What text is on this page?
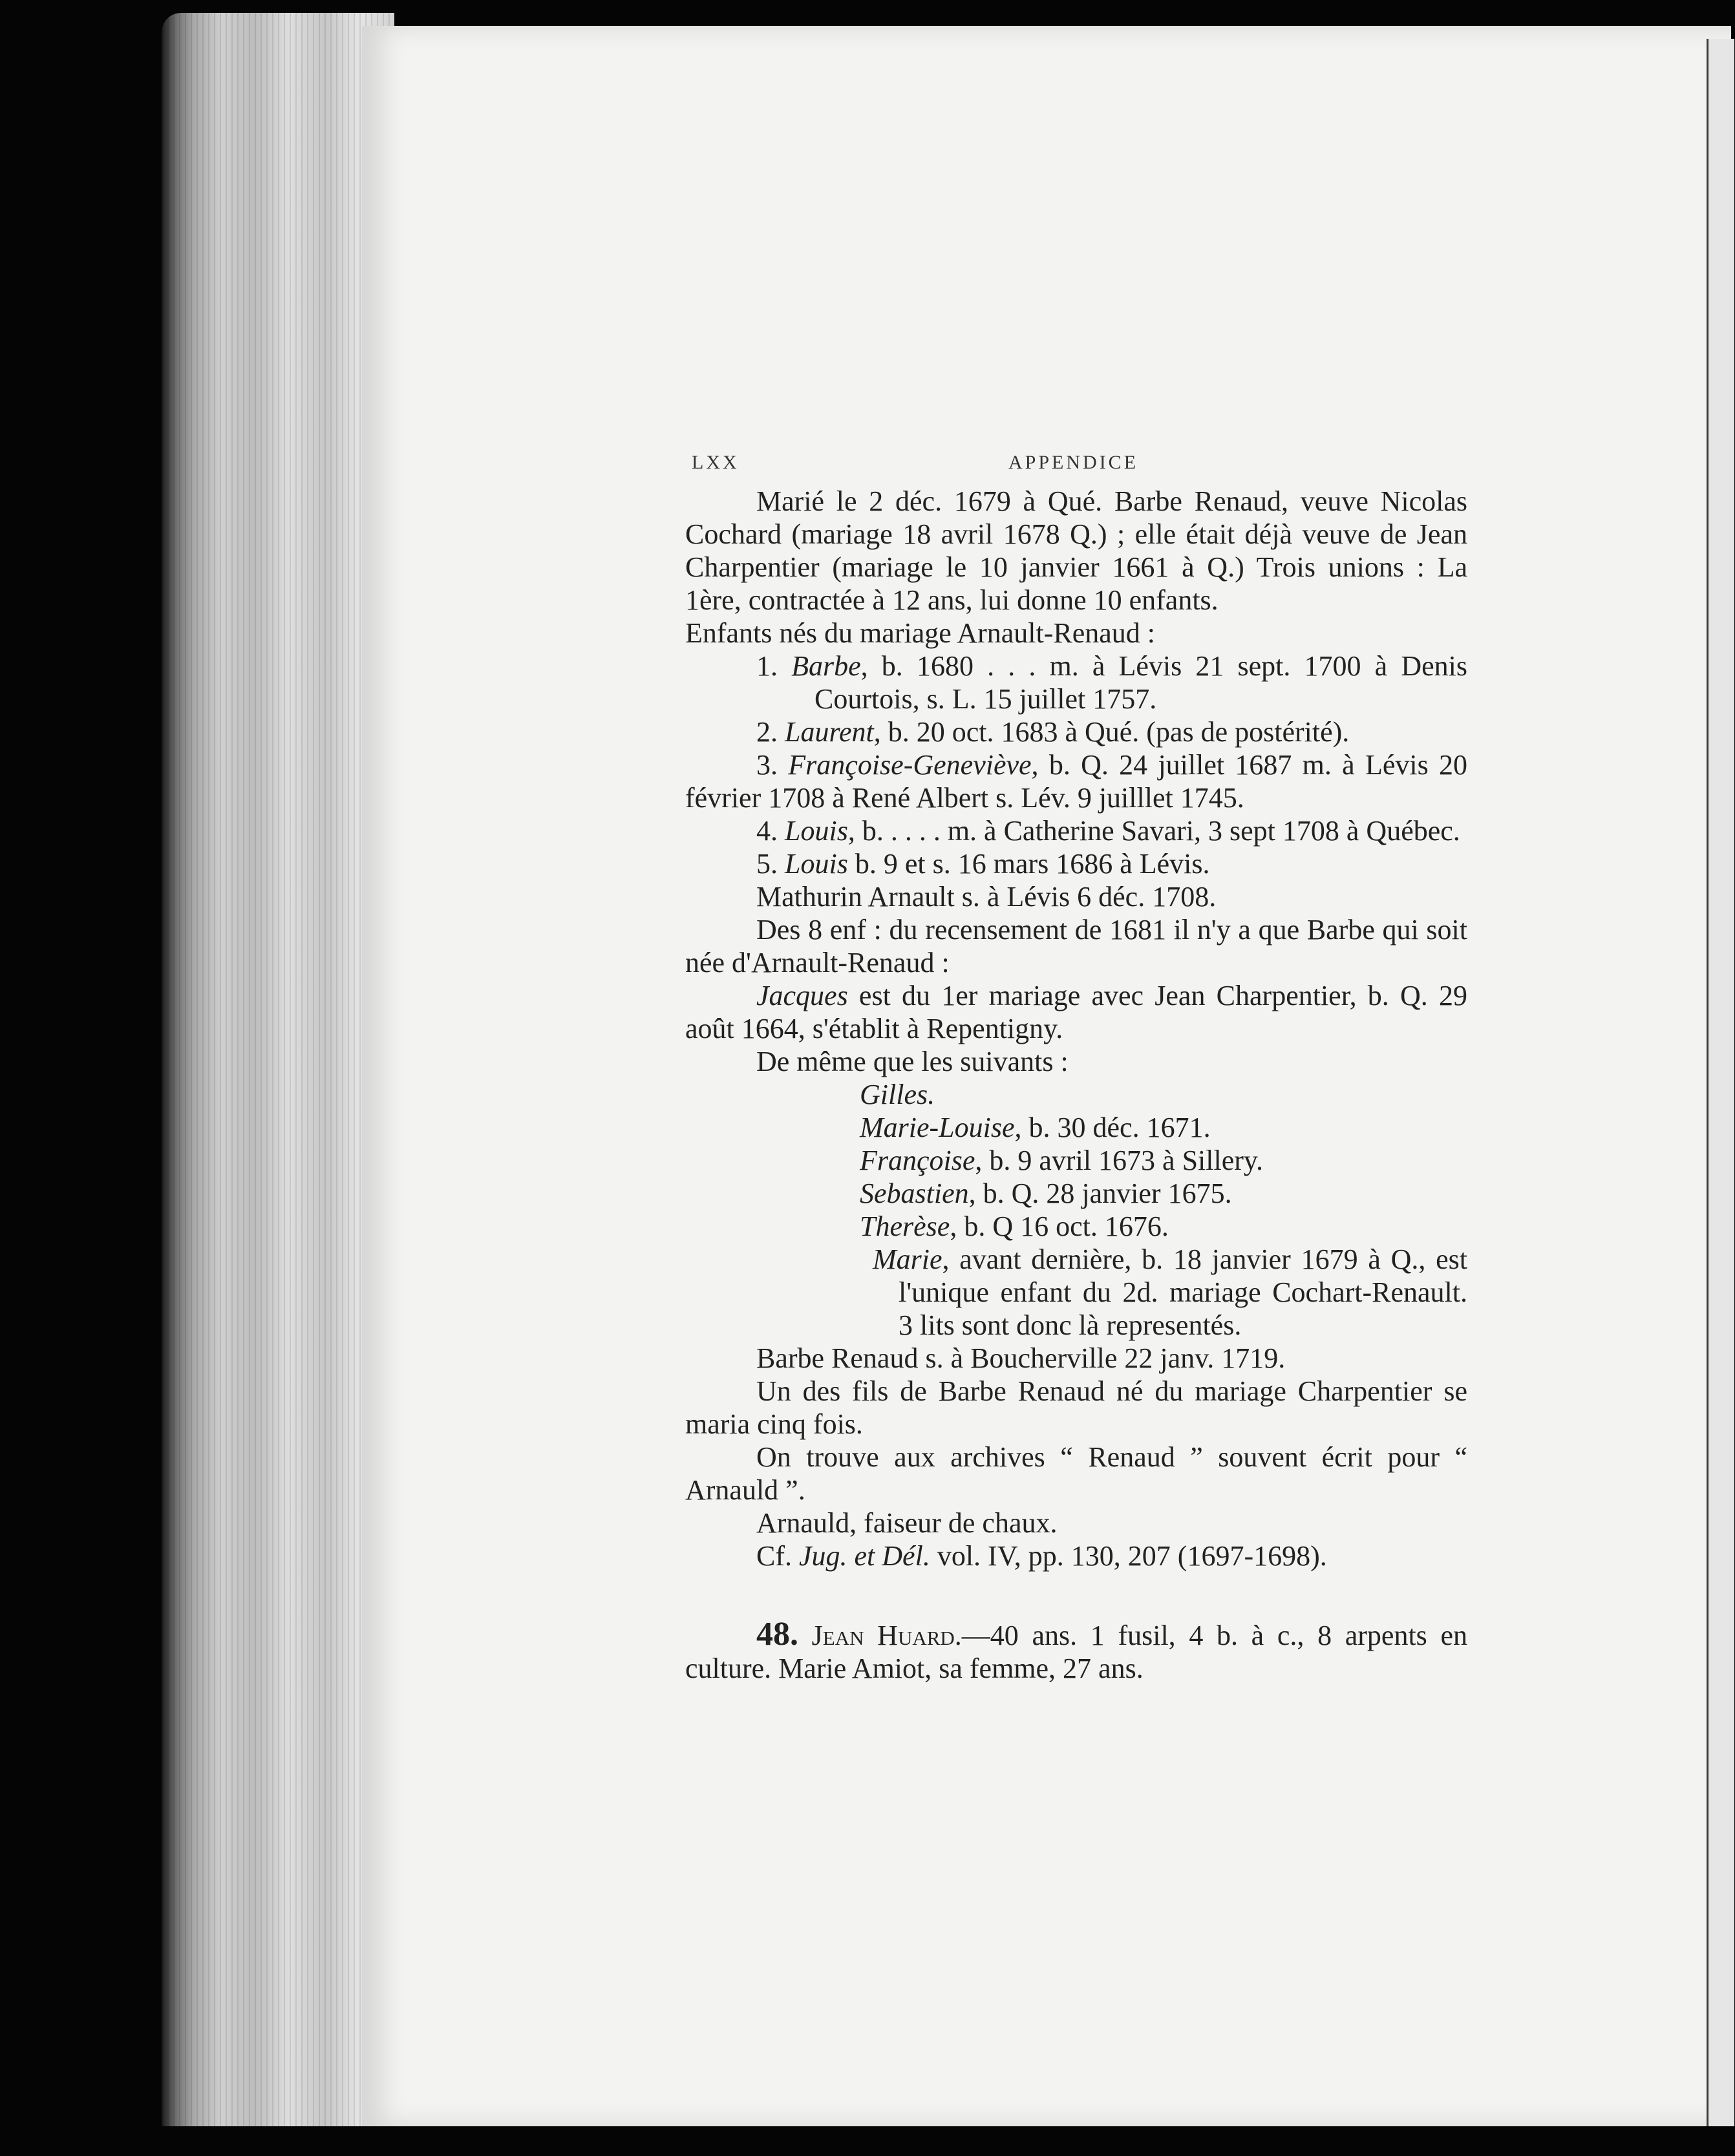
LXX	APPENDICE

Marié le 2 déc. 1679 à Qué. Barbe Renaud, veuve Nicolas Cochard (mariage 18 avril 1678 Q.) ; elle était déjà veuve de Jean Charpentier (mariage le 10 janvier 1661 à Q.) Trois unions : La 1ère, contractée à 12 ans, lui donne 10 enfants.

Enfants nés du mariage Arnault-Renaud :

1. Barbe, b. 1680 . . . m. à Lévis 21 sept. 1700 à Denis Courtois, s. L. 15 juillet 1757.

2. Laurent, b. 20 oct. 1683 à Qué. (pas de postérité).

3. Françoise-Geneviève, b. Q. 24 juillet 1687 m. à Lévis 20 février 1708 à René Albert s. Lév. 9 juilllet 1745.

4. Louis, b. . . . . m. à Catherine Savari, 3 sept 1708 à Québec.

5. Louis b. 9 et s. 16 mars 1686 à Lévis.

Mathurin Arnault s. à Lévis 6 déc. 1708.

Des 8 enf : du recensement de 1681 il n'y a que Barbe qui soit née d'Arnault-Renaud :

Jacques est du 1er mariage avec Jean Charpentier, b. Q. 29 août 1664, s'établit à Repentigny.

De même que les suivants :

Gilles.

Marie-Louise, b. 30 déc. 1671.

Françoise, b. 9 avril 1673 à Sillery.

Sebastien, b. Q. 28 janvier 1675.

Therèse, b. Q 16 oct. 1676.

Marie, avant dernière, b. 18 janvier 1679 à Q., est l'unique enfant du 2d. mariage Cochart-Renault. 3 lits sont donc là representés.

Barbe Renaud s. à Boucherville 22 janv. 1719.

Un des fils de Barbe Renaud né du mariage Charpentier se maria cinq fois.

On trouve aux archives “ Renaud ” souvent écrit pour “ Arnauld ”.

Arnauld, faiseur de chaux.

Cf. Jug. et Dél. vol. IV, pp. 130, 207 (1697-1698).

48. Jean Huard.—40 ans. 1 fusil, 4 b. à c., 8 arpents en culture. Marie Amiot, sa femme, 27 ans.
